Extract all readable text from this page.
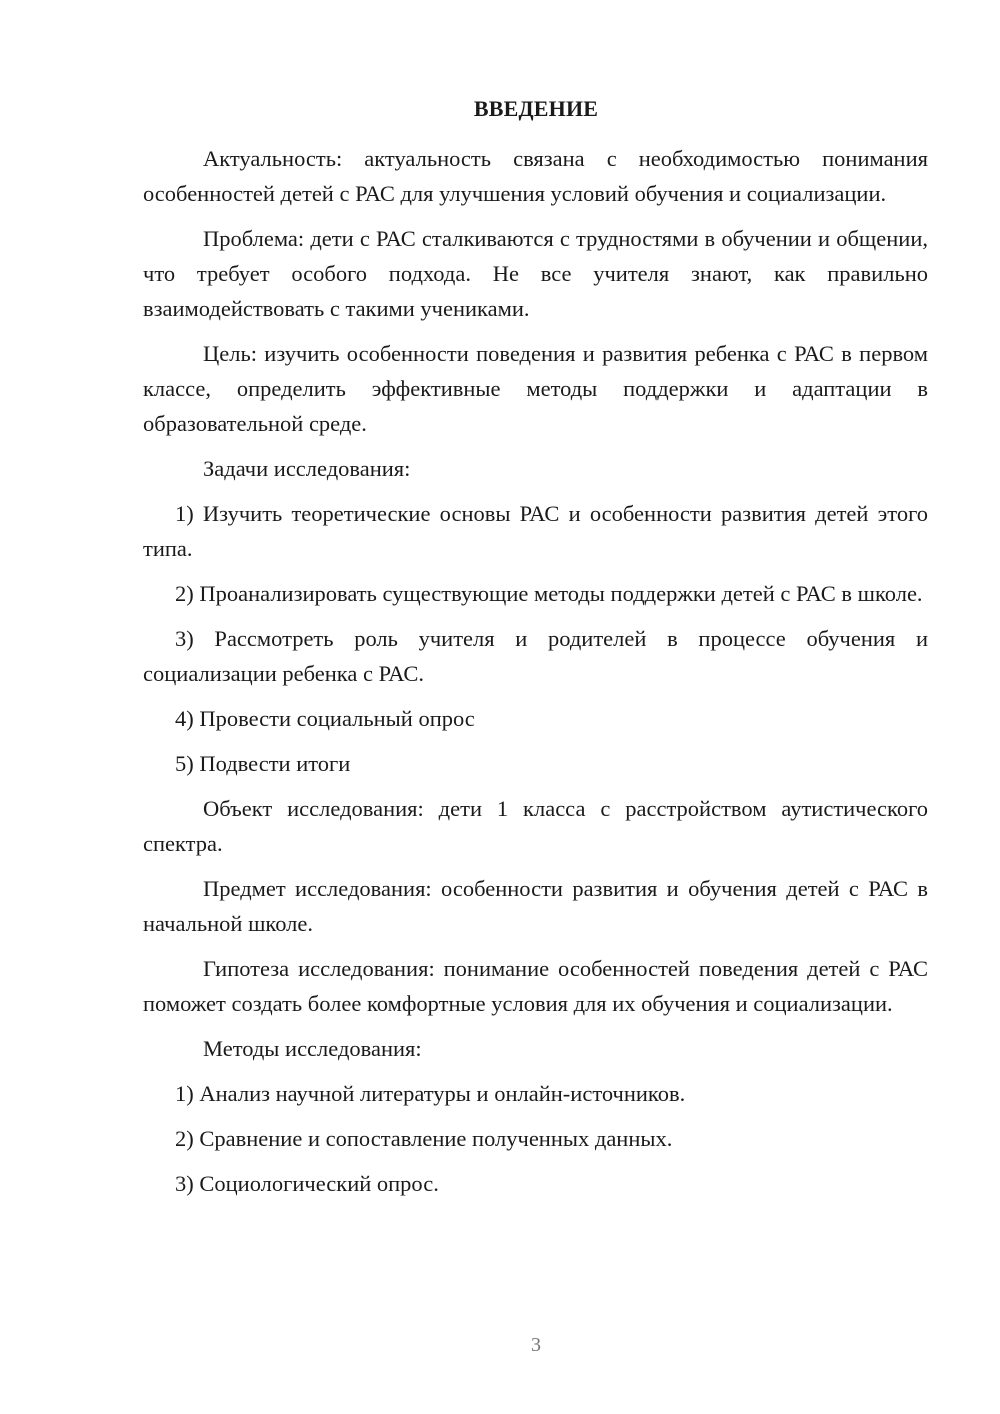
ВВЕДЕНИЕ

Актуальность: актуальность связана с необходимостью понимания особенностей детей с РАС для улучшения условий обучения и социализации.

Проблема: дети с РАС сталкиваются с трудностями в обучении и общении, что требует особого подхода. Не все учителя знают, как правильно взаимодействовать с такими учениками.

Цель: изучить особенности поведения и развития ребенка с РАС в первом классе, определить эффективные методы поддержки и адаптации в образовательной среде.

Задачи исследования:

1) Изучить теоретические основы РАС и особенности развития детей этого типа.

2) Проанализировать существующие методы поддержки детей с РАС в школе.

3) Рассмотреть роль учителя и родителей в процессе обучения и социализации ребенка с РАС.

4) Провести социальный опрос

5) Подвести итоги

Объект исследования: дети 1 класса с расстройством аутистического спектра.

Предмет исследования: особенности развития и обучения детей с РАС в начальной школе.

Гипотеза исследования: понимание особенностей поведения детей с РАС поможет создать более комфортные условия для их обучения и социализации.

Методы исследования:

1) Анализ научной литературы и онлайн-источников.

2) Сравнение и сопоставление полученных данных.

3) Социологический опрос.

3
